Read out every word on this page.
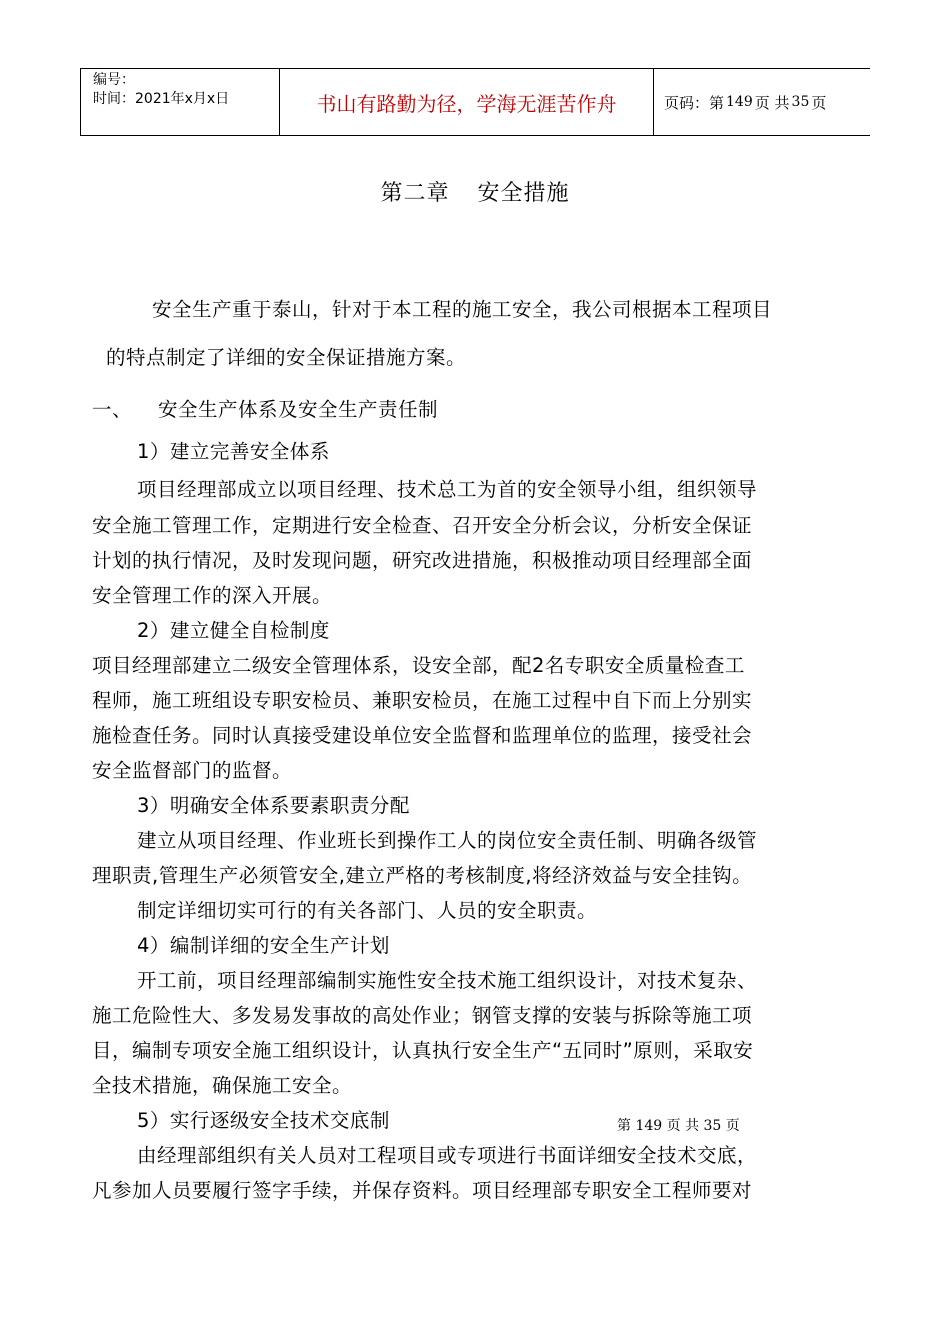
编号：
时间：2021年x月x日	书山有路勤为径，学海无涯苦作舟	页码：第 149 页 共 35 页
第二章 安全措施
安全生产重于泰山，针对于本工程的施工安全，我公司根据本工程项目
的特点制定了详细的安全保证措施方案。
一、 安全生产体系及安全生产责任制
1）建立完善安全体系
项目经理部成立以项目经理、技术总工为首的安全领导小组，组织领导
安全施工管理工作，定期进行安全检查、召开安全分析会议，分析安全保证
计划的执行情况，及时发现问题，研究改进措施，积极推动项目经理部全面
安全管理工作的深入开展。
2）建立健全自检制度
项目经理部建立二级安全管理体系，设安全部，配2名专职安全质量检查工
程师，施工班组设专职安检员、兼职安检员，在施工过程中自下而上分别实
施检查任务。同时认真接受建设单位安全监督和监理单位的监理，接受社会
安全监督部门的监督。
3）明确安全体系要素职责分配
建立从项目经理、作业班长到操作工人的岗位安全责任制、明确各级管
理职责,管理生产必须管安全,建立严格的考核制度,将经济效益与安全挂钩。
制定详细切实可行的有关各部门、人员的安全职责。
4）编制详细的安全生产计划
开工前，项目经理部编制实施性安全技术施工组织设计，对技术复杂、
施工危险性大、多发易发事故的高处作业；钢管支撑的安装与拆除等施工项
目，编制专项安全施工组织设计，认真执行安全生产“五同时”原则，采取安
全技术措施，确保施工安全。
5）实行逐级安全技术交底制	第 149 页 共 35 页
由经理部组织有关人员对工程项目或专项进行书面详细安全技术交底，
凡参加人员要履行签字手续，并保存资料。项目经理部专职安全工程师要对
